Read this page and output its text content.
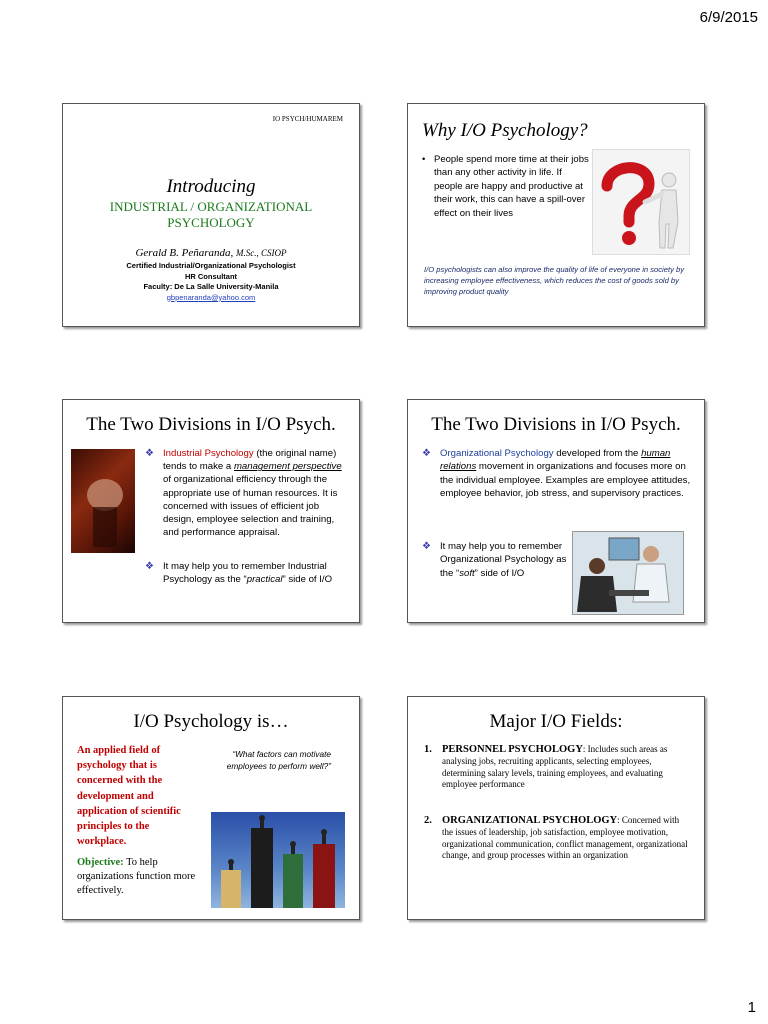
6/9/2015
IO PSYCH/HUMAREM
Introducing
INDUSTRIAL / ORGANIZATIONAL
PSYCHOLOGY
Gerald B. Peñaranda, M.Sc., CSIOP
Certified Industrial/Organizational Psychologist
HR Consultant
Faculty: De La Salle University-Manila
gbpenaranda@yahoo.com
Why I/O Psychology?
• People spend more time at their jobs than any other activity in life. If people are happy and productive at their work, this can have a spill-over effect on their lives
I/O psychologists can also improve the quality of life of everyone in society by increasing employee effectiveness, which reduces the cost of goods sold by improving product quality
The Two Divisions in I/O Psych.
❖ Industrial Psychology (the original name) tends to make a management perspective of organizational efficiency through the appropriate use of human resources. It is concerned with issues of efficient job design, employee selection and training, and performance appraisal.
❖ It may help you to remember Industrial Psychology as the “practical” side of I/O
The Two Divisions in I/O Psych.
❖ Organizational Psychology developed from the human relations movement in organizations and focuses more on the individual employee. Examples are employee attitudes, employee behavior, job stress, and supervisory practices.
❖ It may help you to remember Organizational Psychology as the “soft” side of I/O
I/O Psychology is…
An applied field of psychology that is concerned with the development and application of scientific principles to the workplace.
“What factors can motivate employees to perform well?”
Objective: To help organizations function more effectively.
Major I/O Fields:
1. PERSONNEL PSYCHOLOGY: Includes such areas as analysing jobs, recruiting applicants, selecting employees, determining salary levels, training employees, and evaluating employee performance
2. ORGANIZATIONAL PSYCHOLOGY: Concerned with the issues of leadership, job satisfaction, employee motivation, organizational communication, conflict management, organizational change, and group processes within an organization
1
